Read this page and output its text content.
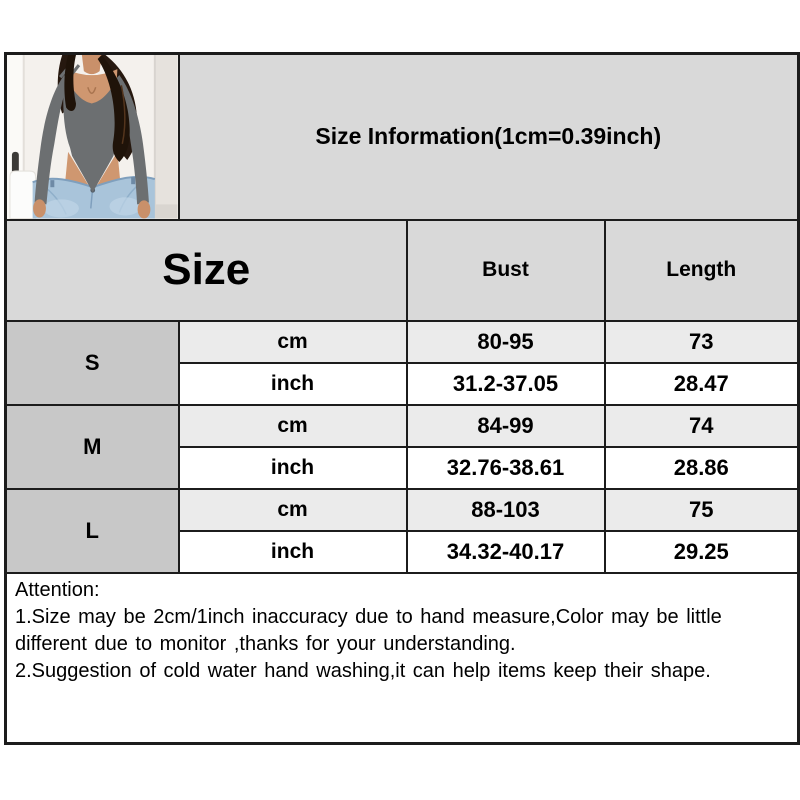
	Size Information(1cm=0.39inch)		
Size		Bust	Length
S	cm	80-95	73
	inch	31.2-37.05	28.47
M	cm	84-99	74
	inch	32.76-38.61	28.86
L	cm	88-103	75
	inch	34.32-40.17	29.25

Attention:
1.Size may be 2cm/1inch inaccuracy due to hand measure,Color may be little
different due to monitor ,thanks for your understanding.
2.Suggestion of cold water hand washing,it can help items keep their shape.			
